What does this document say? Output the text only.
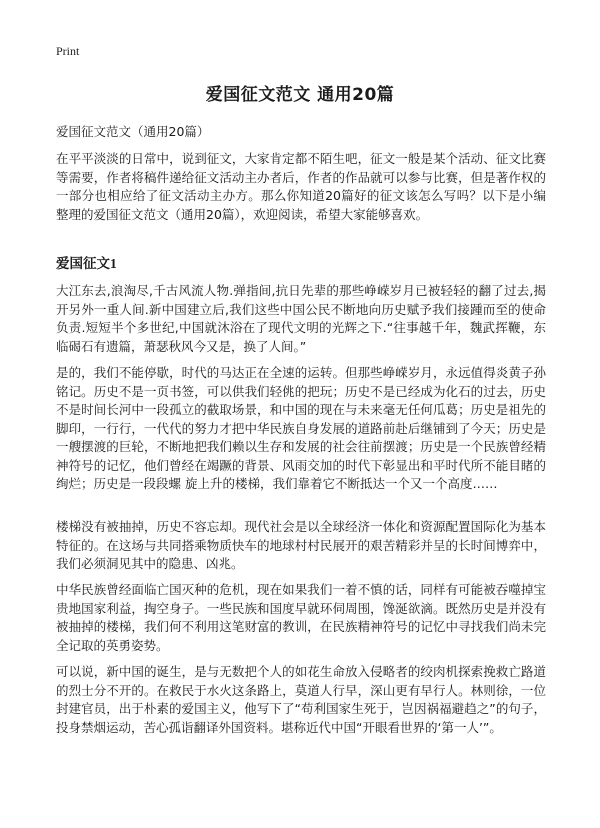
Print
爱国征文范文 通用20篇

爱国征文范文（通用20篇）

在平平淡淡的日常中，说到征文，大家肯定都不陌生吧，征文一般是某个活动、征文比赛等需要，作者将稿件递给征文活动主办者后，作者的作品就可以参与比赛，但是著作权的一部分也相应给了征文活动主办方。那么你知道20篇好的征文该怎么写吗？以下是小编整理的爱国征文范文（通用20篇），欢迎阅读，希望大家能够喜欢。

爱国征文1

大江东去,浪淘尽,千古风流人物.弹指间,抗日先辈的那些峥嵘岁月已被轻轻的翻了过去,揭开另外一重人间.新中国建立后,我们这些中国公民不断地向历史赋予我们接踵而至的使命负责.短短半个多世纪,中国就沐浴在了现代文明的光辉之下.“往事越千年，魏武挥鞭，东临碣石有遗篇，萧瑟秋风今又是，换了人间。”

是的，我们不能停歇，时代的马达正在全速的运转。但那些峥嵘岁月，永远值得炎黄子孙铭记。历史不是一页书签，可以供我们轻佻的把玩；历史不是已经成为化石的过去，历史不是时间长河中一段孤立的截取场景，和中国的现在与未来毫无任何瓜葛；历史是祖先的脚印，一行行，一代代的努力才把中华民族自身发展的道路前赴后继铺到了今天；历史是一艘摆渡的巨轮，不断地把我们赖以生存和发展的社会往前摆渡；历史是一个民族曾经精神符号的记忆，他们曾经在竭蹶的背景、风雨交加的时代下彰显出和平时代所不能目睹的绚烂；历史是一段段螺 旋上升的楼梯，我们靠着它不断抵达一个又一个高度……

楼梯没有被抽掉，历史不容忘却。现代社会是以全球经济一体化和资源配置国际化为基本特征的。在这场与共同搭乘物质快车的地球村村民展开的艰苦精彩并呈的长时间博弈中，我们必须洞见其中的隐患、凶兆。

中华民族曾经面临亡国灭种的危机，现在如果我们一着不慎的话，同样有可能被吞噬掉宝贵地国家利益，掏空身子。一些民族和国度早就环伺周围，馋涎欲滴。既然历史是并没有被抽掉的楼梯，我们何不利用这笔财富的教训，在民族精神符号的记忆中寻找我们尚未完全记取的英勇姿势。

可以说，新中国的诞生，是与无数把个人的如花生命放入侵略者的绞肉机探索挽救亡路道的烈士分不开的。在救民于水火这条路上，莫道人行早，深山更有早行人。林则徐，一位封建官员，出于朴素的爱国主义，他写下了“苟利国家生死于，岂因祸福避趋之”的句子，投身禁烟运动，苦心孤诣翻译外国资料。堪称近代中国“开眼看世界的‘第一人’”。
